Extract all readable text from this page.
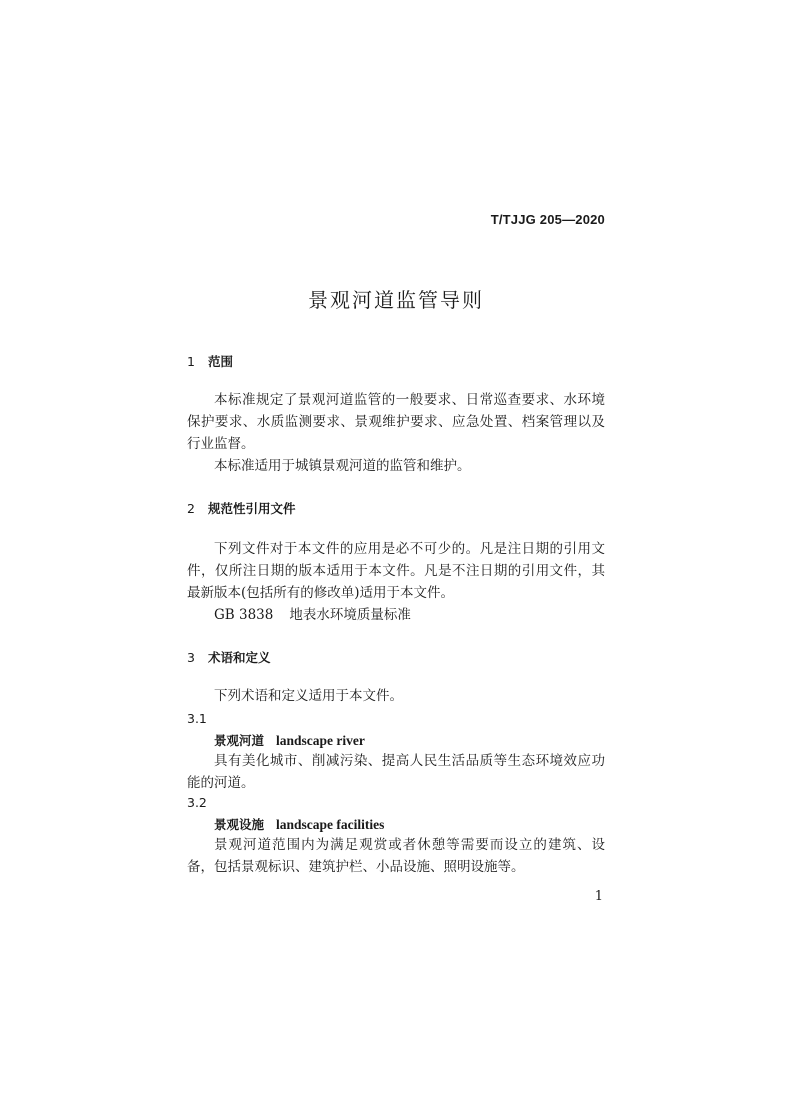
T/TJJG 205—2020
景观河道监管导则
1 范围

本标准规定了景观河道监管的一般要求、日常巡查要求、水环境保护要求、水质监测要求、景观维护要求、应急处置、档案管理以及行业监督。

本标准适用于城镇景观河道的监管和维护。

2 规范性引用文件

下列文件对于本文件的应用是必不可少的。凡是注日期的引用文件，仅所注日期的版本适用于本文件。凡是不注日期的引用文件，其最新版本(包括所有的修改单)适用于本文件。

GB 3838 地表水环境质量标准
3 术语和定义
下列术语和定义适用于本文件。
3.1
景观河道 landscape river

具有美化城市、削减污染、提高人民生活品质等生态环境效应功能的河道。

3.2
景观设施 landscape facilities

景观河道范围内为满足观赏或者休憩等需要而设立的建筑、设备，包括景观标识、建筑护栏、小品设施、照明设施等。

1
